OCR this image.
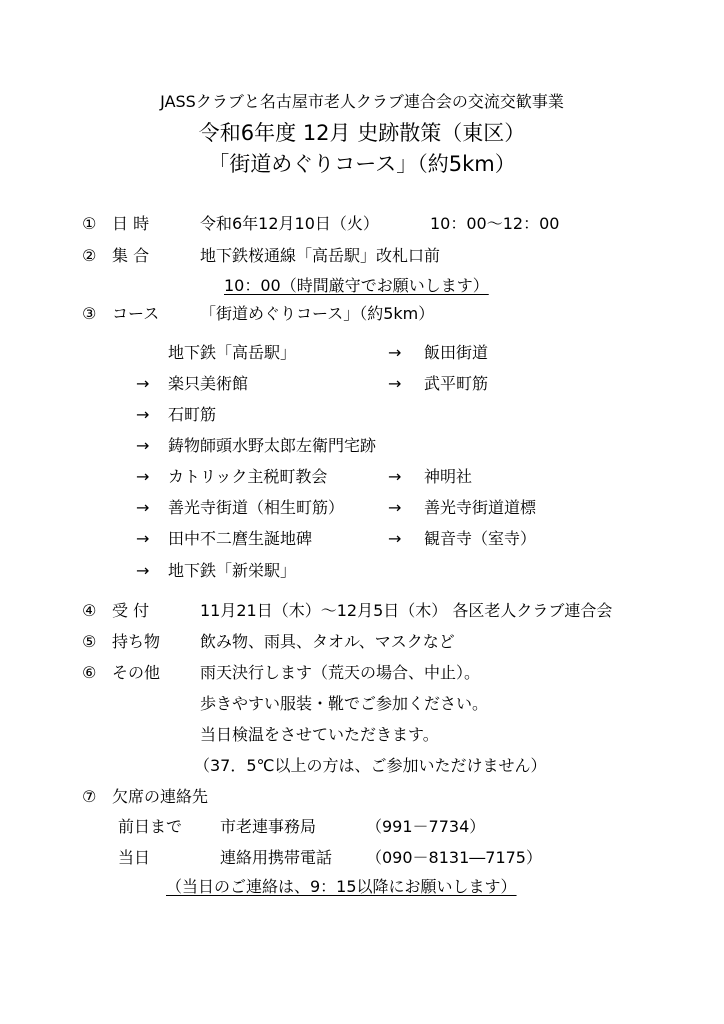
JASSクラブと名古屋市老人クラブ連合会の交流交歓事業
令和6年度 12月 史跡散策（東区）
「街道めぐりコース」（約5km）
① 日 時	令和6年12月10日（火）	10：00～12：00
② 集 合	地下鉄桜通線「高岳駅」改札口前
10：00（時間厳守でお願いします）
③ コース	「街道めぐりコース」（約5km）
地下鉄「高岳駅」	→ 飯田街道
→ 楽只美術館	→ 武平町筋
→ 石町筋
→ 鋳物師頭水野太郎左衛門宅跡
→ カトリック主税町教会	→ 神明社
→ 善光寺街道（相生町筋）	→ 善光寺街道道標
→ 田中不二麿生誕地碑	→ 観音寺（室寺）
→ 地下鉄「新栄駅」
④ 受 付	11月21日（木）～12月5日（木） 各区老人クラブ連合会
⑤ 持ち物 飲み物、雨具、タオル、マスクなど
⑥ その他 雨天決行します（荒天の場合、中止）。
歩きやすい服装・靴でご参加ください。
当日検温をさせていただきます。
（37．5℃以上の方は、ご参加いただけません）
⑦ 欠席の連絡先
前日まで 市老連事務局	（991－7734）
当日	連絡用携帯電話 （090－8131―7175）
（当日のご連絡は、9：15以降にお願いします）
